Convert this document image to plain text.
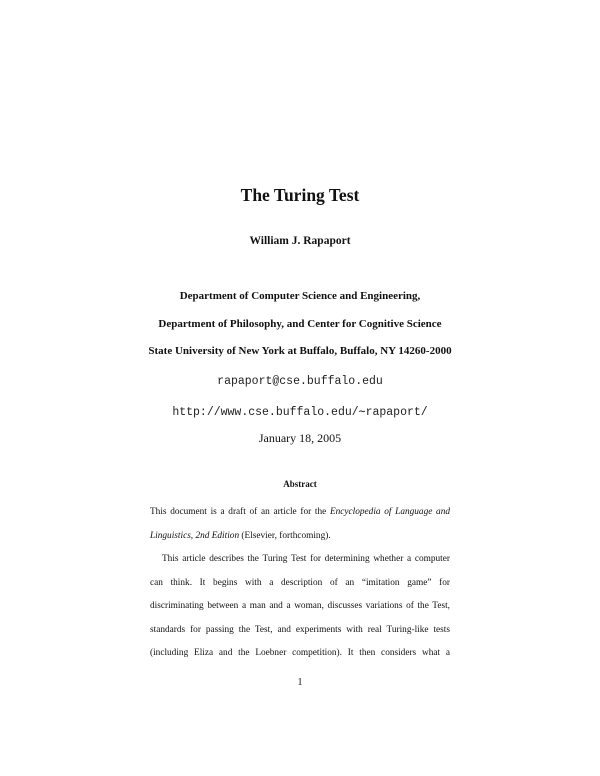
The Turing Test
William J. Rapaport
Department of Computer Science and Engineering,
Department of Philosophy, and Center for Cognitive Science
State University of New York at Buffalo, Buffalo, NY 14260-2000
rapaport@cse.buffalo.edu
http://www.cse.buffalo.edu/∼rapaport/
January 18, 2005
Abstract
This document is a draft of an article for the Encyclopedia of Language and
Linguistics, 2nd Edition (Elsevier, forthcoming).
This article describes the Turing Test for determining whether a computer
can think. It begins with a description of an “imitation game” for
discriminating between a man and a woman, discusses variations of the Test,
standards for passing the Test, and experiments with real Turing-like tests
(including Eliza and the Loebner competition). It then considers what a
1
